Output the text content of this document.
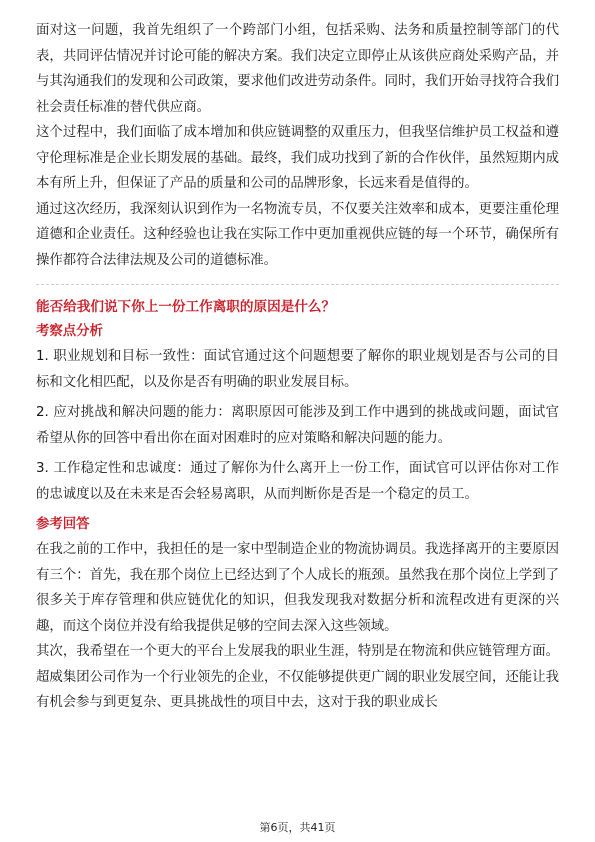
面对这一问题，我首先组织了一个跨部门小组，包括采购、法务和质量控制等部门的代表，共同评估情况并讨论可能的解决方案。我们决定立即停止从该供应商处采购产品，并与其沟通我们的发现和公司政策，要求他们改进劳动条件。同时，我们开始寻找符合我们社会责任标准的替代供应商。

这个过程中，我们面临了成本增加和供应链调整的双重压力，但我坚信维护员工权益和遵守伦理标准是企业长期发展的基础。最终，我们成功找到了新的合作伙伴，虽然短期内成本有所上升，但保证了产品的质量和公司的品牌形象，长远来看是值得的。

通过这次经历，我深刻认识到作为一名物流专员，不仅要关注效率和成本，更要注重伦理道德和企业责任。这种经验也让我在实际工作中更加重视供应链的每一个环节，确保所有操作都符合法律法规及公司的道德标准。

能否给我们说下你上一份工作离职的原因是什么？

考察点分析

1. 职业规划和目标一致性：面试官通过这个问题想要了解你的职业规划是否与公司的目标和文化相匹配，以及你是否有明确的职业发展目标。

2. 应对挑战和解决问题的能力：离职原因可能涉及到工作中遇到的挑战或问题，面试官希望从你的回答中看出你在面对困难时的应对策略和解决问题的能力。

3. 工作稳定性和忠诚度：通过了解你为什么离开上一份工作，面试官可以评估你对工作的忠诚度以及在未来是否会轻易离职，从而判断你是否是一个稳定的员工。

参考回答

在我之前的工作中，我担任的是一家中型制造企业的物流协调员。我选择离开的主要原因有三个：首先，我在那个岗位上已经达到了个人成长的瓶颈。虽然我在那个岗位上学到了很多关于库存管理和供应链优化的知识，但我发现我对数据分析和流程改进有更深的兴趣，而这个岗位并没有给我提供足够的空间去深入这些领域。

其次，我希望在一个更大的平台上发展我的职业生涯，特别是在物流和供应链管理方面。超威集团公司作为一个行业领先的企业，不仅能够提供更广阔的职业发展空间，还能让我有机会参与到更复杂、更具挑战性的项目中去，这对于我的职业成长

第6页，共41页
